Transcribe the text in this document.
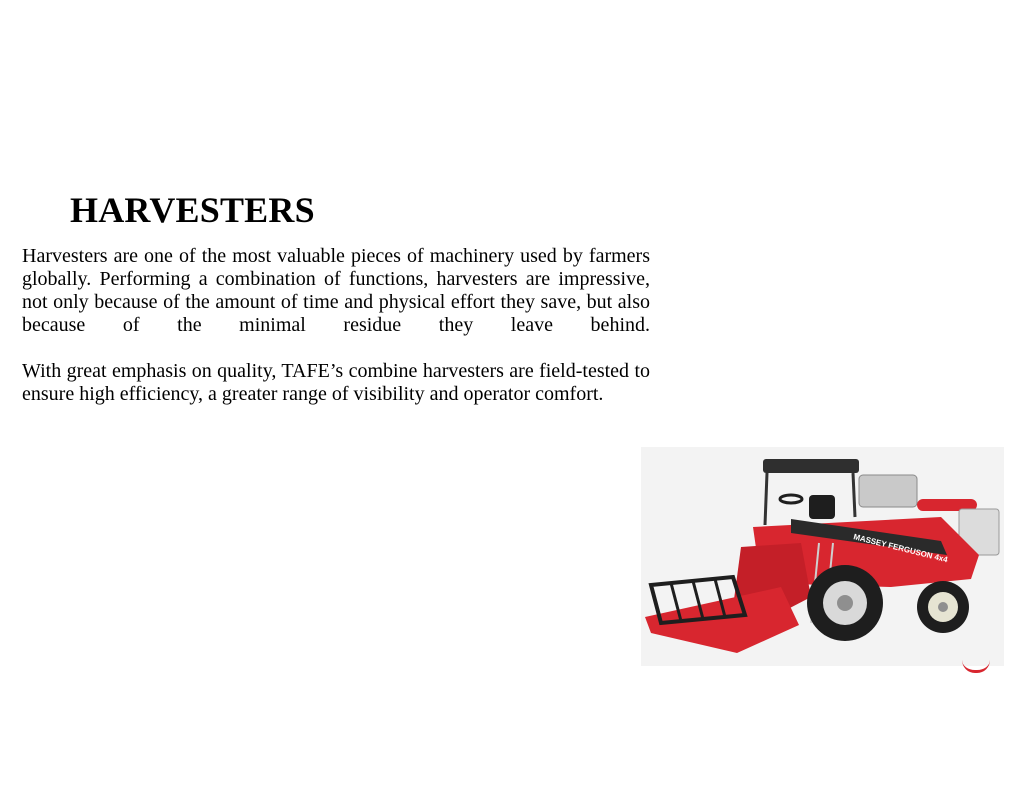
HARVESTERS

Harvesters are one of the most valuable pieces of machinery used by farmers globally. Performing a combination of functions, harvesters are impressive, not only because of the amount of time and physical effort they save, but also because of the minimal residue they leave behind.

With great emphasis on quality, TAFE’s combine harvesters are field-tested to ensure high efficiency, a greater range of visibility and operator comfort.

MASSEY FERGUSON 4x4
